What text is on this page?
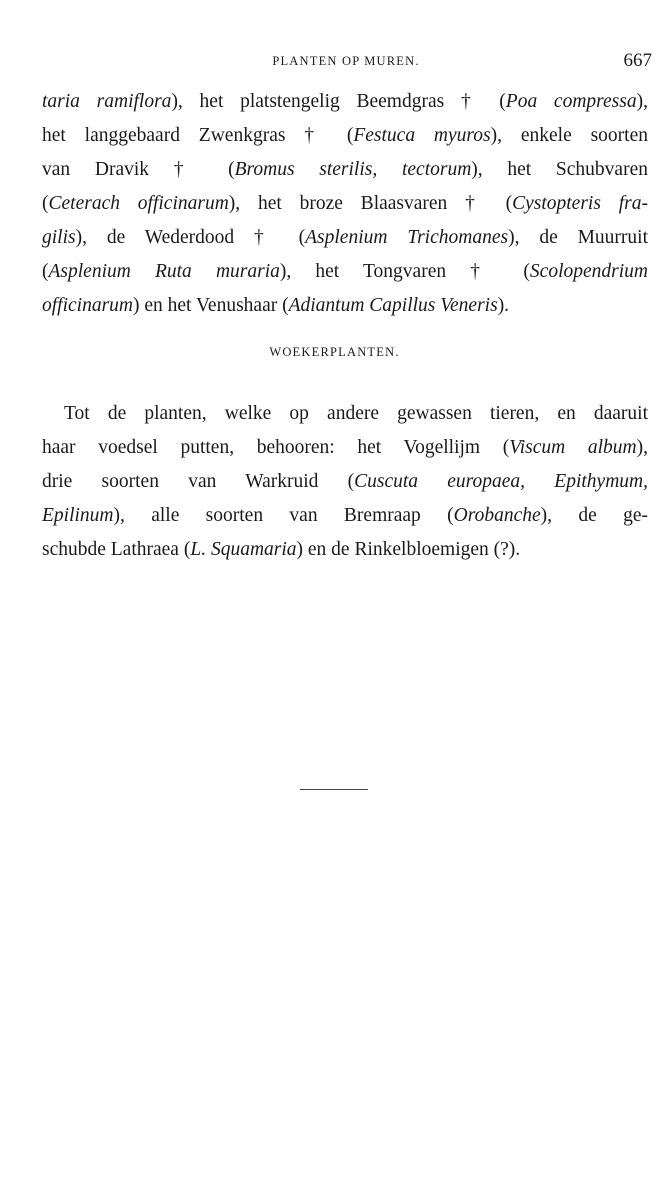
PLANTEN OP MUREN.	667
taria ramiflora), het platstengelig Beemdgras † (Poa compressa),
het langgebaard Zwenkgras † (Festuca myuros), enkele soorten
van Dravik † (Bromus sterilis, tectorum), het Schubvaren
(Ceterach officinarum), het broze Blaasvaren † (Cystopteris fra-
gilis), de Wederdood † (Asplenium Trichomanes), de Muurruit
(Asplenium Ruta muraria), het Tongvaren † (Scolopendrium
officinarum) en het Venushaar (Adiantum Capillus Veneris).
WOEKERPLANTEN.
Tot de planten, welke op andere gewassen tieren, en daaruit
haar voedsel putten, behooren: het Vogellijm (Viscum album),
drie soorten van Warkruid (Cuscuta europaea, Epithymum,
Epilinum), alle soorten van Bremraap (Orobanche), de ge-
schubde Lathraea (L. Squamaria) en de Rinkelbloemigen (?).
